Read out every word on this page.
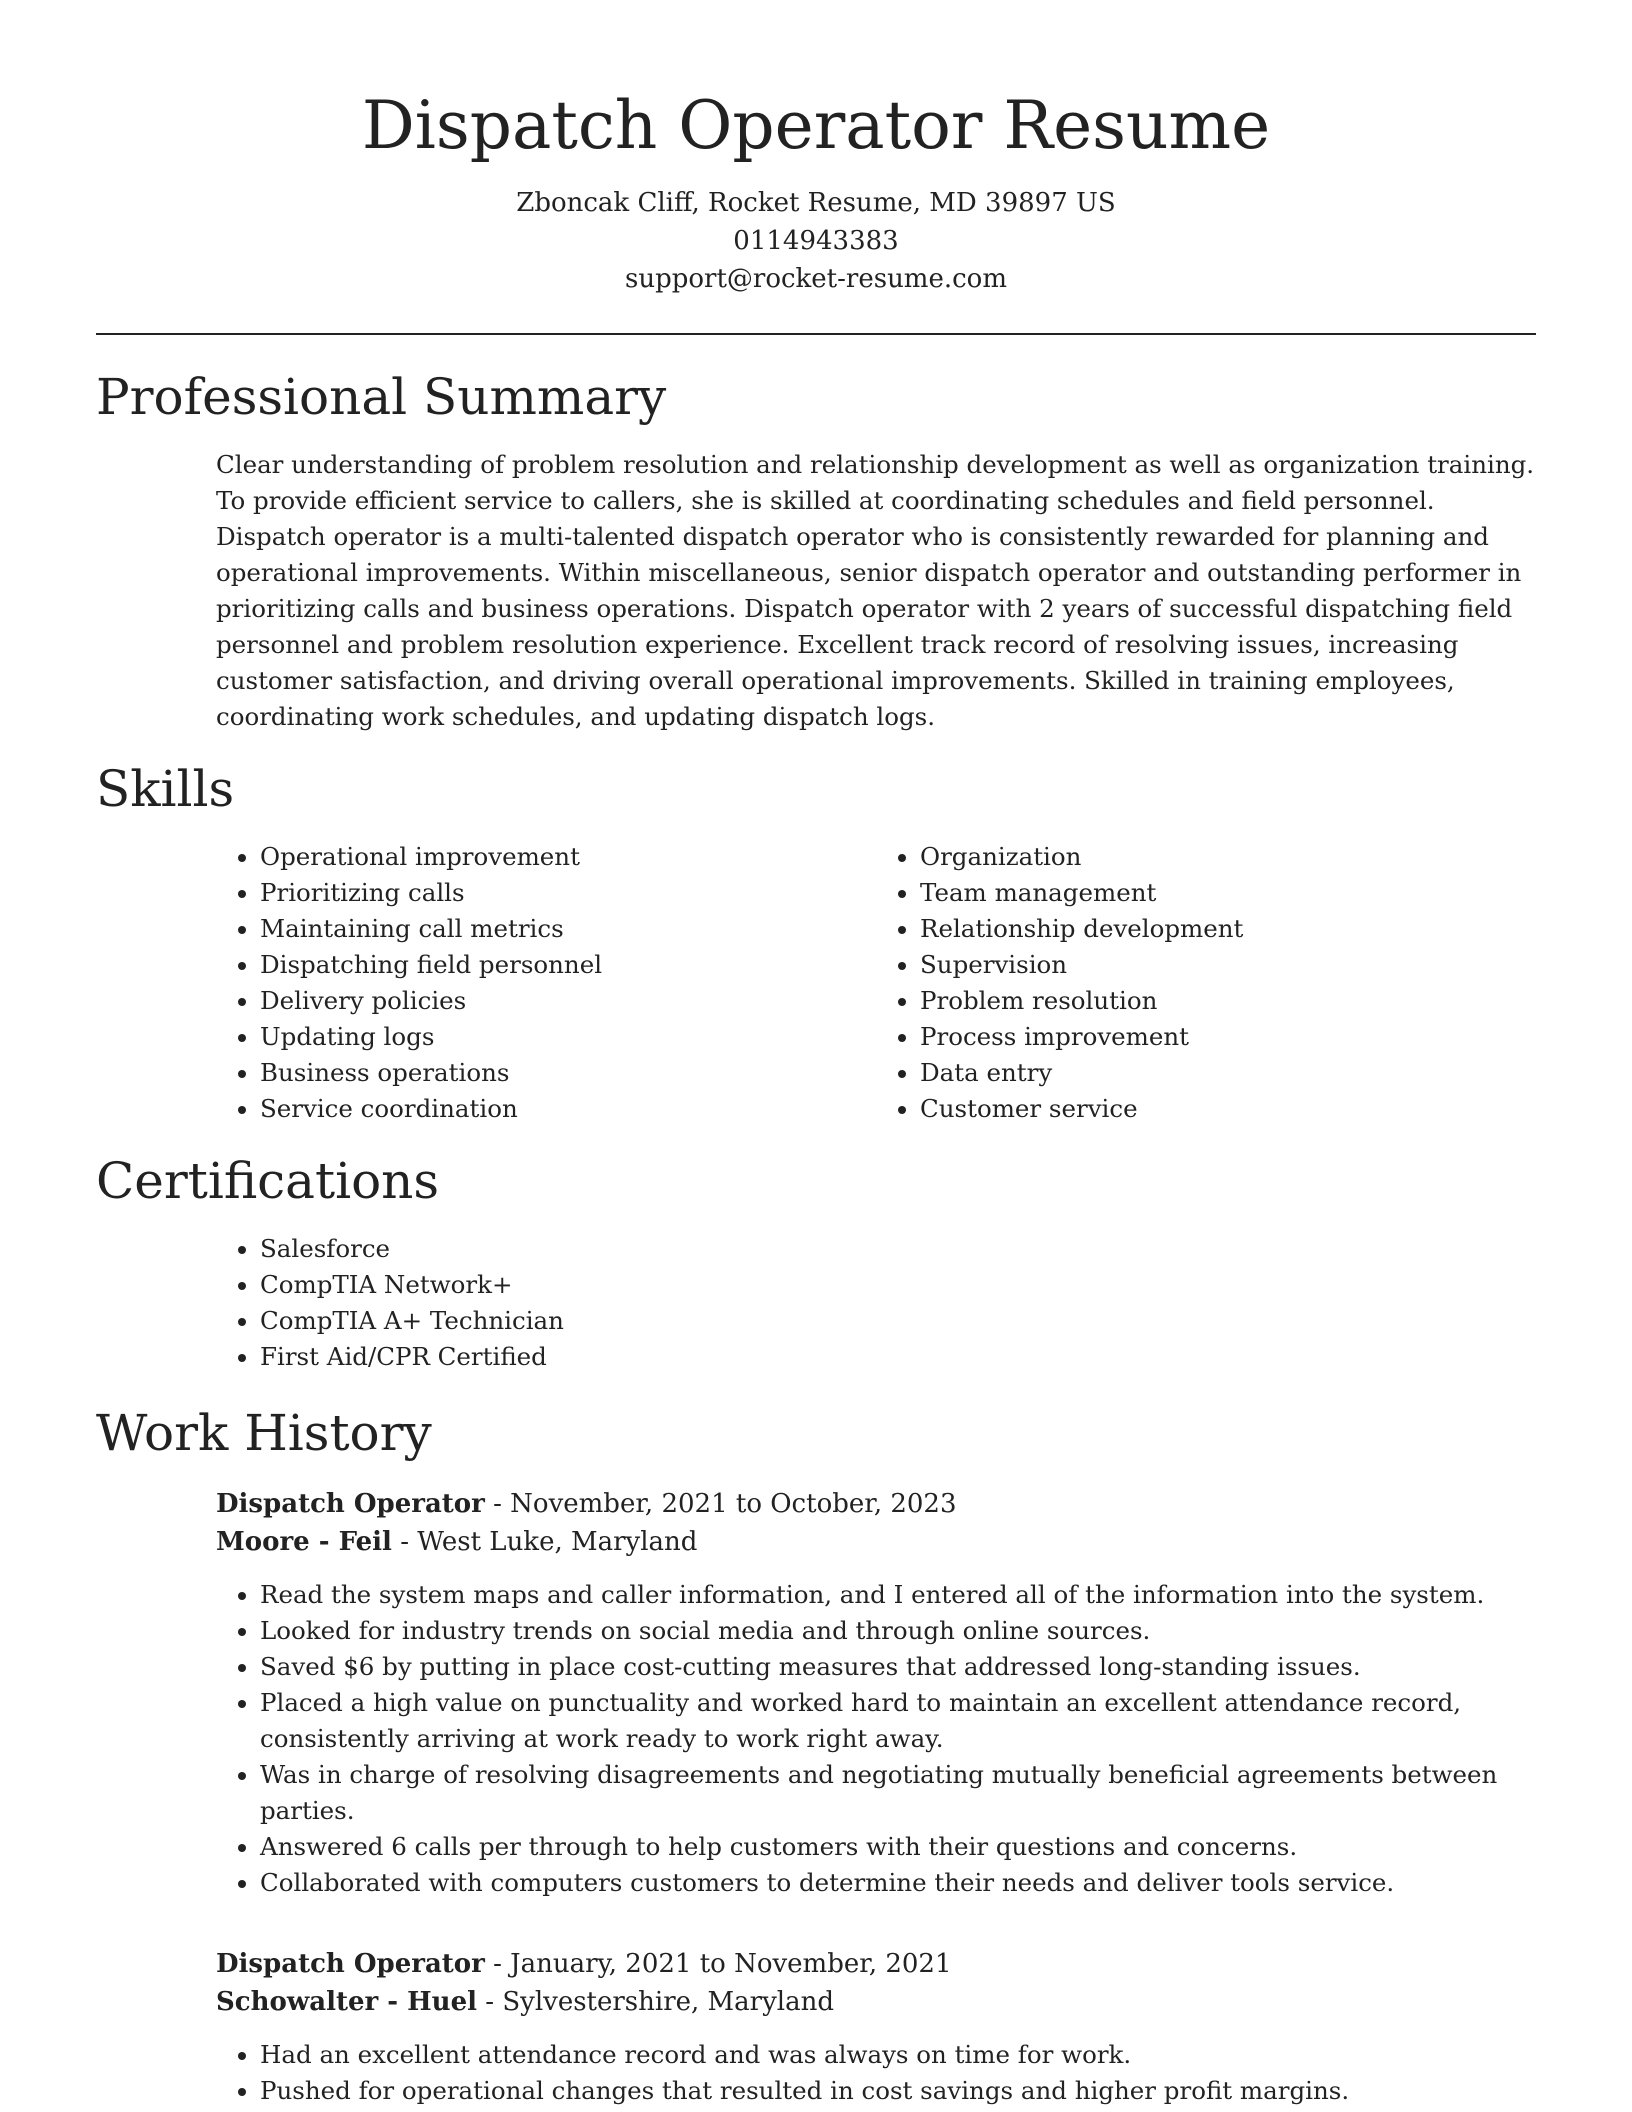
Dispatch Operator Resume
Zboncak Cliff, Rocket Resume, MD 39897 US
0114943383
support@rocket-resume.com
Professional Summary
Clear understanding of problem resolution and relationship development as well as organization training. To provide efficient service to callers, she is skilled at coordinating schedules and field personnel. Dispatch operator is a multi-talented dispatch operator who is consistently rewarded for planning and operational improvements. Within miscellaneous, senior dispatch operator and outstanding performer in prioritizing calls and business operations. Dispatch operator with 2 years of successful dispatching field personnel and problem resolution experience. Excellent track record of resolving issues, increasing customer satisfaction, and driving overall operational improvements. Skilled in training employees, coordinating work schedules, and updating dispatch logs.
Skills
• Operational improvement
• Prioritizing calls
• Maintaining call metrics
• Dispatching field personnel
• Delivery policies
• Updating logs
• Business operations
• Service coordination
• Organization
• Team management
• Relationship development
• Supervision
• Problem resolution
• Process improvement
• Data entry
• Customer service
Certifications
• Salesforce
• CompTIA Network+
• CompTIA A+ Technician
• First Aid/CPR Certified
Work History
Dispatch Operator - November, 2021 to October, 2023
Moore - Feil - West Luke, Maryland
• Read the system maps and caller information, and I entered all of the information into the system.
• Looked for industry trends on social media and through online sources.
• Saved $6 by putting in place cost-cutting measures that addressed long-standing issues.
• Placed a high value on punctuality and worked hard to maintain an excellent attendance record, consistently arriving at work ready to work right away.
• Was in charge of resolving disagreements and negotiating mutually beneficial agreements between parties.
• Answered 6 calls per through to help customers with their questions and concerns.
• Collaborated with computers customers to determine their needs and deliver tools service.
Dispatch Operator - January, 2021 to November, 2021
Schowalter - Huel - Sylvestershire, Maryland
• Had an excellent attendance record and was always on time for work.
• Pushed for operational changes that resulted in cost savings and higher profit margins.
